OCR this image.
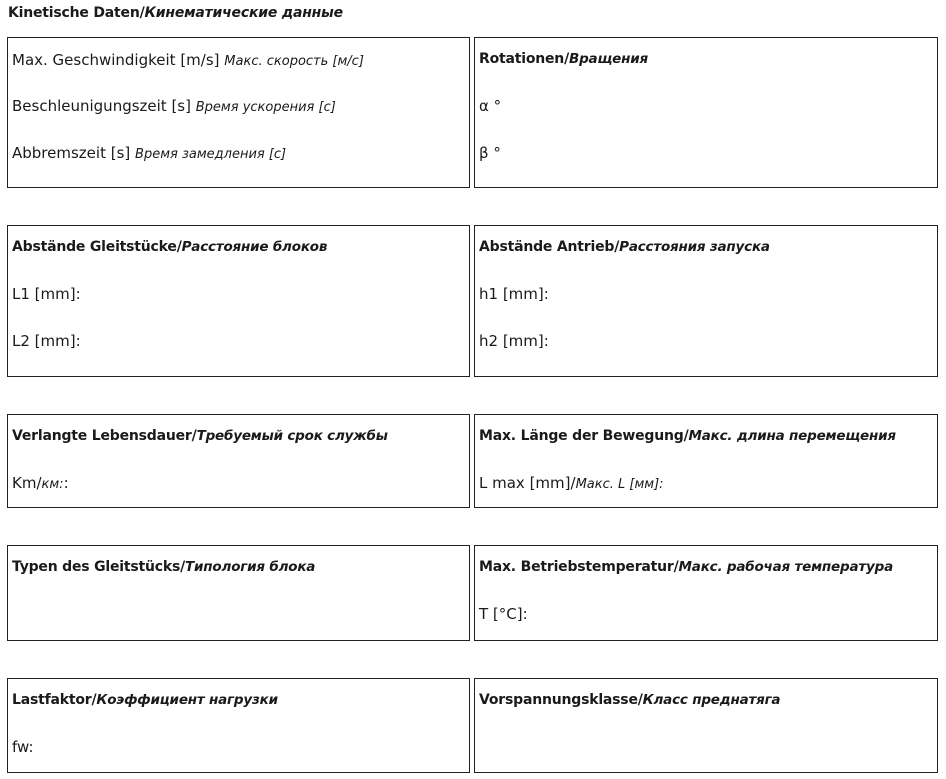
Kinetische Daten/Кинематические данные
Max. Geschwindigkeit [m/s] Макс. скорость [м/с]
Beschleunigungszeit [s] Время ускорения [с]
Abbremszeit [s] Время замедления [с]
Rotationen/Вращения
α °
β °
Abstände Gleitstücke/Расстояние блоков
L1 [mm]:
L2 [mm]:
Abstände Antrieb/Расстояния запуска
h1 [mm]:
h2 [mm]:
Verlangte Lebensdauer/Требуемый срок службы
Km/км::
Max. Länge der Bewegung/Макс. длина перемещения
L max [mm]/Макс. L [мм]:
Typen des Gleitstücks/Типология блока	Max. Betriebstemperatur/Макс. рабочая температура
T [°C]:
Lastfaktor/Коэффициент нагрузки
fw:
Vorspannungsklasse/Класс преднатяга
